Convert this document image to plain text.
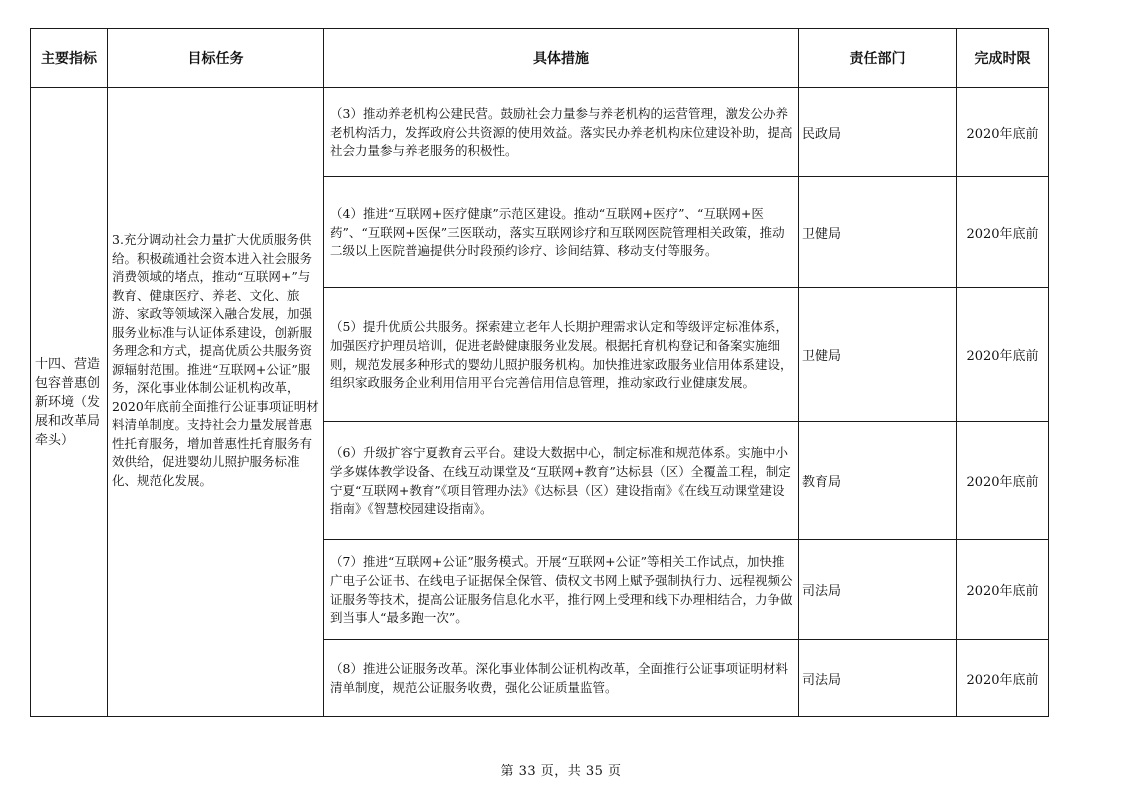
主要指标	目标任务	具体措施	责任部门	完成时限
十四、营造包容普惠创新环境（发展和改革局牵头）	3.充分调动社会力量扩大优质服务供给。积极疏通社会资本进入社会服务消费领域的堵点，推动“互联网+”与教育、健康医疗、养老、文化、旅游、家政等领域深入融合发展，加强服务业标准与认证体系建设，创新服务理念和方式，提高优质公共服务资源辐射范围。推进“互联网+公证”服务，深化事业体制公证机构改革，2020年底前全面推行公证事项证明材料清单制度。支持社会力量发展普惠性托育服务，增加普惠性托育服务有效供给，促进婴幼儿照护服务标准化、规范化发展。	（3）推动养老机构公建民营。鼓励社会力量参与养老机构的运营管理，激发公办养老机构活力，发挥政府公共资源的使用效益。落实民办养老机构床位建设补助，提高社会力量参与养老服务的积极性。	民政局	2020年底前
		（4）推进“互联网+医疗健康”示范区建设。推动“互联网+医疗”、“互联网+医药”、“互联网+医保”三医联动，落实互联网诊疗和互联网医院管理相关政策，推动二级以上医院普遍提供分时段预约诊疗、诊间结算、移动支付等服务。	卫健局	2020年底前
		（5）提升优质公共服务。探索建立老年人长期护理需求认定和等级评定标准体系，加强医疗护理员培训，促进老龄健康服务业发展。根据托育机构登记和备案实施细则，规范发展多种形式的婴幼儿照护服务机构。加快推进家政服务业信用体系建设，组织家政服务企业利用信用平台完善信用信息管理，推动家政行业健康发展。	卫健局	2020年底前
		（6）升级扩容宁夏教育云平台。建设大数据中心，制定标准和规范体系。实施中小学多媒体教学设备、在线互动课堂及“互联网+教育”达标县（区）全覆盖工程，制定宁夏“互联网+教育”《项目管理办法》《达标县（区）建设指南》《在线互动课堂建设指南》《智慧校园建设指南》。	教育局	2020年底前
		（7）推进“互联网+公证”服务模式。开展“互联网+公证”等相关工作试点，加快推广电子公证书、在线电子证据保全保管、债权文书网上赋予强制执行力、远程视频公证服务等技术，提高公证服务信息化水平，推行网上受理和线下办理相结合，力争做到当事人“最多跑一次”。	司法局	2020年底前
		（8）推进公证服务改革。深化事业体制公证机构改革，全面推行公证事项证明材料清单制度，规范公证服务收费，强化公证质量监管。	司法局	2020年底前
第 33 页，共 35 页
